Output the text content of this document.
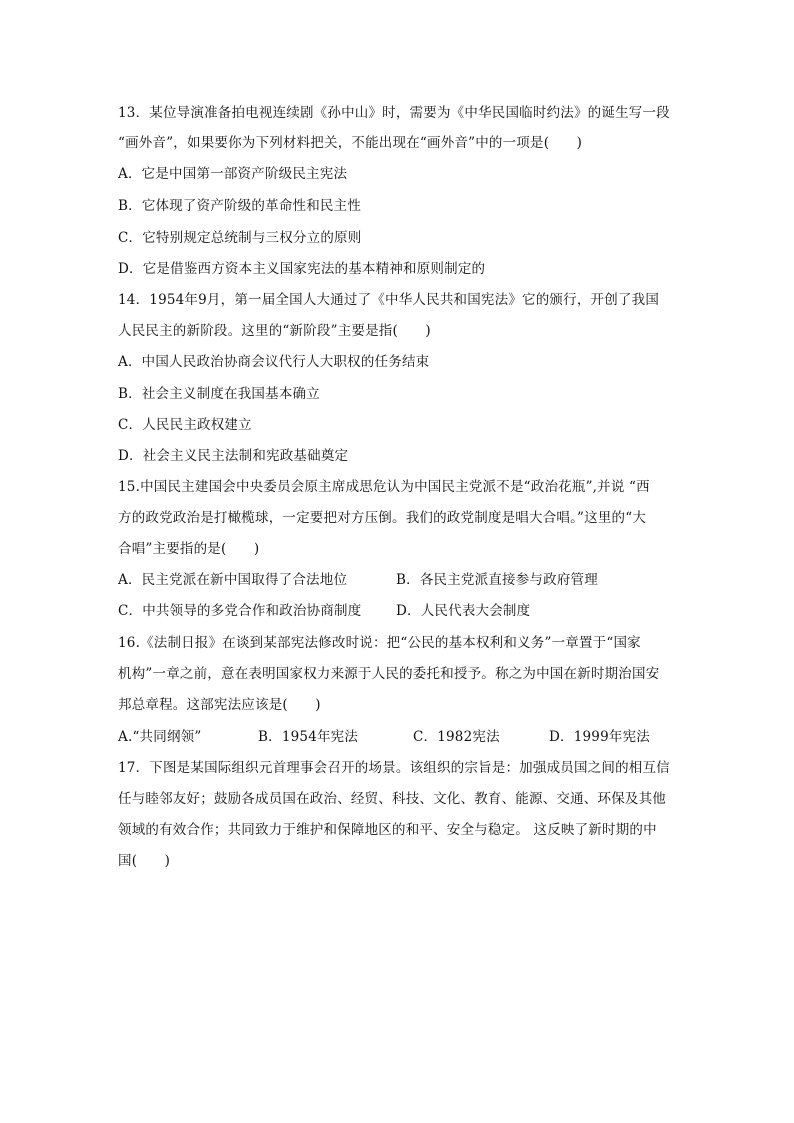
13．某位导演准备拍电视连续剧《孙中山》时，需要为《中华民国临时约法》的诞生写一段
“画外音”，如果要你为下列材料把关，不能出现在“画外音”中的一项是(　　)
A．它是中国第一部资产阶级民主宪法
B．它体现了资产阶级的革命性和民主性
C．它特别规定总统制与三权分立的原则
D．它是借鉴西方资本主义国家宪法的基本精神和原则制定的
14．1954年9月，第一届全国人大通过了《中华人民共和国宪法》它的颁行，开创了我国
人民民主的新阶段。这里的“新阶段”主要是指(　　)
A．中国人民政治协商会议代行人大职权的任务结束
B．社会主义制度在我国基本确立
C．人民民主政权建立
D．社会主义民主法制和宪政基础奠定
15.中国民主建国会中央委员会原主席成思危认为中国民主党派不是“政治花瓶”,并说 “西
方的政党政治是打橄榄球，一定要把对方压倒。我们的政党制度是唱大合唱。”这里的“大
合唱”主要指的是(　　)
A．民主党派在新中国取得了合法地位	B．各民主党派直接参与政府管理
C．中共领导的多党合作和政治协商制度	D．人民代表大会制度
16.《法制日报》在谈到某部宪法修改时说：把“公民的基本权利和义务”一章置于“国家
机构”一章之前，意在表明国家权力来源于人民的委托和授予。称之为中国在新时期治国安
邦总章程。这部宪法应该是(　　)
A.“共同纲领”	B．1954年宪法	C．1982宪法	D．1999年宪法
17．下图是某国际组织元首理事会召开的场景。该组织的宗旨是：加强成员国之间的相互信
任与睦邻友好；鼓励各成员国在政治、经贸、科技、文化、教育、能源、交通、环保及其他
领域的有效合作；共同致力于维护和保障地区的和平、安全与稳定。 这反映了新时期的中
国(　　)
